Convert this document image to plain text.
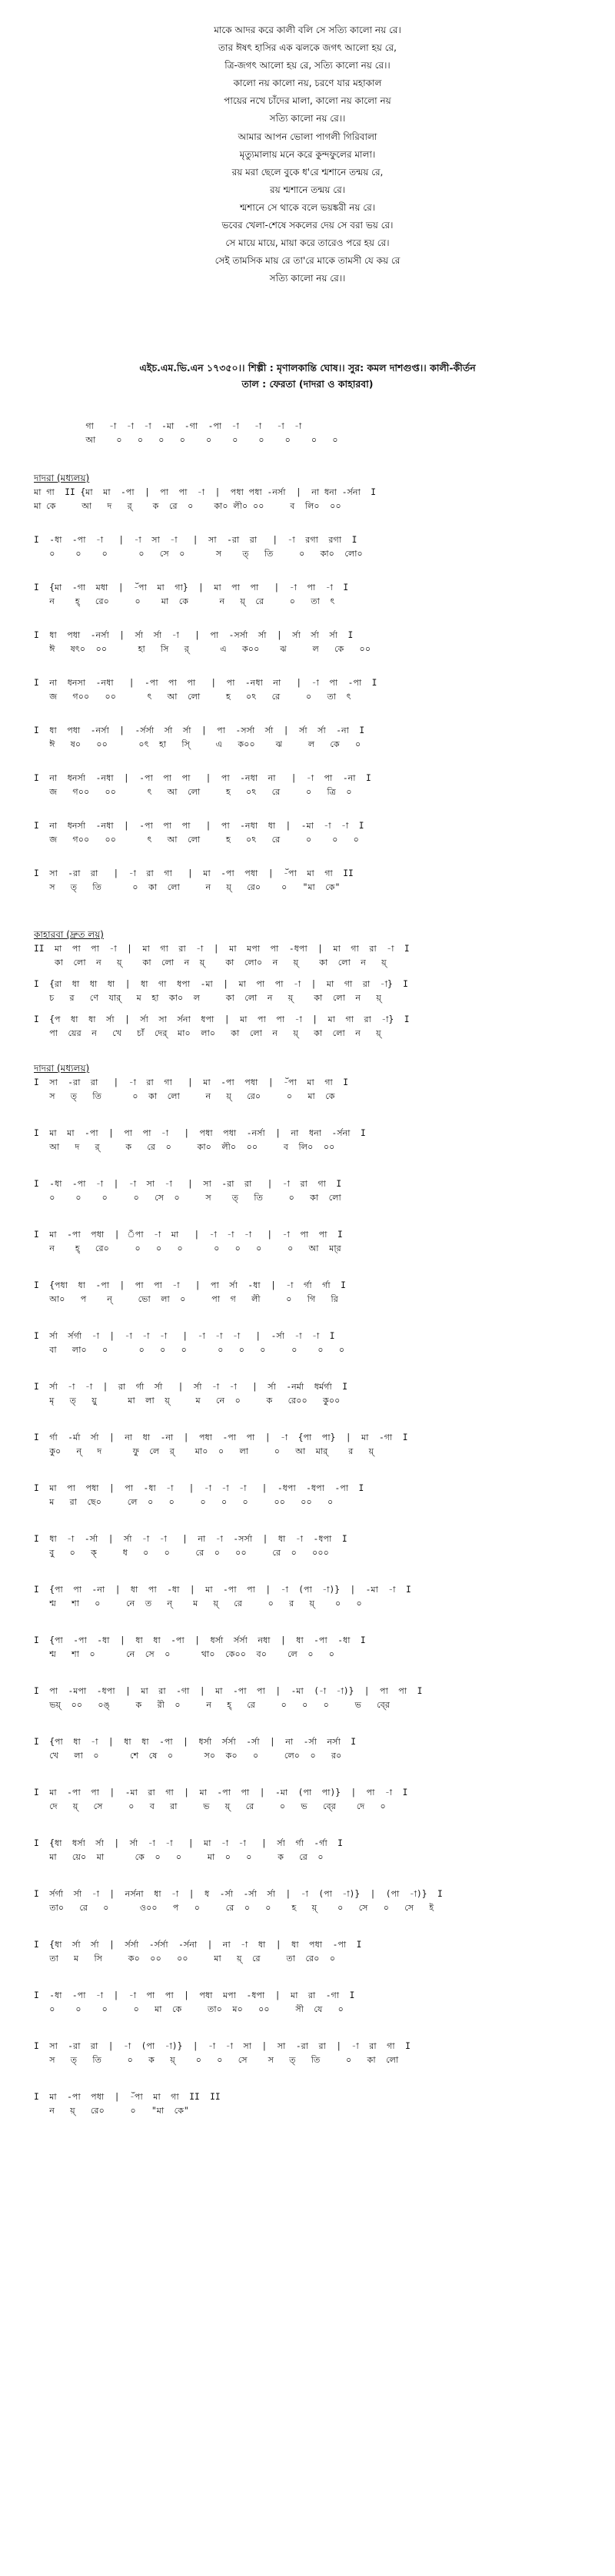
মাকে আদর করে কালী বলি সে সত্যি কালো নয় রে।
তার ঈষৎ হাসির এক ঝলকে জগৎ আলো হয় রে,
ত্রি-জগৎ আলো হয় রে, সত্যি কালো নয় রে।।
কালো নয় কালো নয়, চরণে যার মহাকাল
পায়ের নখে চাঁদের মালা, কালো নয় কালো নয়
সত্যি কালো নয় রে।।
আমার আপন ভোলা পাগলী গিরিবালা
মৃত্যুমালায় মনে করে কুন্দফুলের মালা।
রয় মরা ছেলে বুকে ধ'রে শ্মশানে তন্ময় রে,
রয় শ্মশানে তন্ময় রে।
শ্মশানে সে থাকে বলে ভয়ঙ্করী নয় রে।
ভবের খেলা-শেষে সকলের দেয় সে বরা ভয় রে।
সে মায়ে মায়ে, মায়া করে তারেও পরে হয় রে।
সেই তামসিক মায় রে তা'রে মাকে তামসী যে কয় রে
সত্যি কালো নয় রে।।
এইচ.এম.ভি.এন ১৭৩৫০।। শিল্পী : মৃণালকান্তি ঘোষ।। সুর: কমল দাশগুপ্ত।। কালী-কীর্তন
তাল : ফেরতা (দাদরা ও কাহারবা)
গা   -া  -া  -া  -মা  -গা  -পা  -া   -া   -া  -া
আ    ০   ০   ০   ০    ০    ০    ০    ০    ০   ০
দাদরা (মধ্যলয়)
মা গা  II {মা  মা  -পা  |  পা  পা  -া  |  পধা পধা -নর্সা  |  না ধনা -র্সনা  I
মা কে     আ   দ   র্    ক  রে  ০    কা০ লী০ ০০     ব  লি০  ০০
I  -ধা  -পা  -া   |  -া  সা  -া   |  সা  -রা  রা   |  -া  রগা  রগা  I
০    ০    ০      ০   সে  ০      স    ত্‌   তি     ০   কা০  লো০
I  {মা  -গা  মধা  |  -ঁপা  মা  গা}  |  মা  পা  পা   |  -া  পা  -া  I
ন    হ্‌   রে০     ০    মা  কে      ন   য়্‌  রে     ০   তা  ৎ
I  ধা  পধা  -নর্সা  |  র্সা  র্সা  -া   |  পা  -সর্সা  র্সা  |  র্সা  র্সা  র্সা  I
ঈ   ষৎ০  ০০      হা   সি   র্      এ   ক০০    ঝ     ল   কে   ০০
I  না  ধনসা  -নধা   |  -পা  পা  পা   |  পা  -নধা  না   |  -া  পা  -পা  I
জ   গ০০   ০০      ৎ   আ  লো     হ   ০ঽ   রে     ০   তা  ৎ
I  ধা  পধা  -নর্সা  |  -র্সর্সা  র্সা  র্সা  |  পা  -সর্সা  র্সা  |  র্সা  র্সা  -না  I
ঈ   ষ০   ০০      ০ৎ  হা   সি্     এ   ক০০    ঝ     ল   কে   ০
I  না  ধনর্সা  -নধা  |  -পা  পা  পা   |  পা  -নধা  না   |  -া  পা  -না  I
জ   গ০০   ০০      ৎ   আ  লো     হ   ০ঽ   রে     ০   ত্রি  ০
I  না  ধনর্সা  -নধা  |  -পা  পা  পা   |  পা  -নধা  ধা  |  -মা  -া  -া  I
জ   গ০০   ০০      ৎ   আ  লো     হ   ০ঽ   রে     ০    ০   ০
I  সা  -রা  রা   |  -া  রা  গা   |  মা  -পা  পধা  |  -ঁপা  মা  গা  II
স   ত্‌   তি      ০  কা  লো     ন   য়্‌   রে০    ০   "মা  কে"
কাহারবা (দ্রুত লয়)
II  মা  পা  পা  -া  |  মা  গা  রা  -া  |  মা  মপা  পা  -ধপা  |  মা  গা  রা  -া  I
কা  লো  ন   য়্‌    কা  লো  ন  য়্‌    কা  লো০  ন   য়্‌    কা  লো  ন   য়্‌
I  {রা  ধা  ধা  ধা  |  ধা  গা  ধপা  -মা  |  মা  পা  পা  -া  |  মা  গা  রা  -া}  I
চ   র   ণে  যার্   ম  হা  কা০  ল     কা  লো  ন   য়্‌    কা  লো  ন   য়্‌
I  {প  ধা  ধা  র্সা  |  র্সা  সা  র্সনা  ধপা  |  মা  পা  পা  -া  |  মা  গা  রা  -া}  I
পা  য়ের  ন   খে   চাঁ  দের্  মা০  লা০   কা  লো  ন   য়্‌   কা  লো  ন   য়্‌
দাদরা (মধ্যলয়)
I  সা  -রা  রা   |  -া  রা  গা   |  মা  -পা  পধা  |  -ঁপা  মা  গা  I
স   ত্‌   তি      ০  কা  লো     ন   য়্‌   রে০     ০   মা  কে
I  মা  মা  -পা  |  পা  পা  -া   |  পধা  পধা  -নর্সা  |  না  ধনা  -র্সনা  I
আ   দ   র্     ক   রে  ০     কা০  লী০  ০০     ব  লি০  ০০
I  -ধা  -পা  -া  |  -া  সা  -া   |  সা  -রা  রা   |  -া  রা  গা  I
০    ০    ০     ০   সে  ০     স    ত্‌   তি     ০   কা  লো
I  মা  -পা  পধা  |  ঁপা  -া  মা   |  -া  -া  -া   |  -া  পা  পা  I
ন    হ্‌   রে০     ০   ০   ০      ০   ০   ০     ০   আ  মা্র
I  {পধা  ধা  -পা  |  পা  পা  -া   |  পা  র্সা  -ধা  |  -া  র্গা  র্গা  I
আ০   প    ন্     ভো  লা  ০     পা  গ   লী     ০   গি   রি
I  র্সা  র্সর্গা  -া  |  -া  -া  -া   |  -া  -া  -া   |  -র্সা  -া  -া  I
বা   লা০   ০      ০   ০   ০      ০   ০   ০     ০    ০   ০
I  র্সা  -া  -া  |  রা  র্গা  র্সা   |  র্সা  -া  -া   |  র্সা  -নর্মা  ধর্মর্গা  I
মৃ   ত্‌   য়ু      মা  লা  য়্‌     ম   নে  ০     ক   রে০০   কু০০
I  র্গা  -র্মা  র্সা  |  না  ধা  -না  |  পধা  -পা  পা  |  -া  {পা  পা}  |  মা  -গা  I
কু০   ন্‌   দ      ফু  লে  র্    মা০  ০   লা     ০   আ  মার্    র   য়্‌
I  মা  পা  পধা  |  পা  -ধা  -া   |  -া  -া  -া   |  -ধপা  -ধপা  -পা  I
ম   রা  ছে০     লে  ০   ০     ০   ০   ০     ০০   ০০   ০
I  ধা  -া  -র্সা  |  র্সা  -া  -া   |  না  -া  -সর্সা  |  ধা  -া  -ধপা  I
বু   ০   ক্‌     ধ   ০   ০     রে  ০   ০০     রে  ০   ০০০
I  {পা  পা  -না  |  ধা  পা  -ধা  |  মা  -পা  পা  |  -া  (পা  -া)}  |  -মা  -া  I
শ্ম   শা   ০     নে  ত   ন্‌    ম   য়্‌   রে     ০   র   য়্‌    ০   ০
I  {পা  -পা  -ধা  |  ধা  ধা  -পা  |  ধর্সা  র্সর্সা  নধা  |  ধা  -পা  -ধা  I
শ্ম   শা  ০      নে  সে  ০      থা০  কে০০  ব০    লে  ০   ০
I  পা  -মপা  -ধপা  |  মা  রা  -গা  |  মা  -পা  পা  |  -মা  (-া  -া)}  |  পা  পা  I
ভয়্‌  ০০   ০ঙ্‌     ক   রী  ০     ন   হ্‌   রে     ০   ০   ০     ভ   বে্র
I  {পা  ধা  -া  |  ধা  ধা  -পা  |  ধর্সা  র্সর্সা  -র্সা  |  না  -র্সা  নর্সা  I
খে   লা  ০      শে  ষে  ০      স০  ক০   ০     লে০  ০   র০
I  মা  -পা  পা  |  -মা  রা  গা  |  মা  -পা  পা  |  -মা  (পা  পা)}  |  পা  -া  I
দে   য়্‌   সে     ০   ব   রা     ভ   য়্‌   রে     ০   ভ   বে্র    দে   ০
I  {ধা  ধর্সা  র্সা  |  র্সা  -া  -া   |  মা  -া  -া   |  র্সা  র্গা  -র্গা  I
মা   য়ে০  মা      কে  ০   ০     মা  ০   ০     ক   রে  ০
I  র্সর্গা  র্সা  -া  |  নর্সনা  ধা  -া  |  ধ  -র্সা  -র্সা  র্সা  |  -া  (পা  -া)}  |  (পা  -া)}  I
তা০   রে   ০      ও০০   প   ০     রে  ০   ০    হ   য়্‌    ০   সে   ০   সে   ই
I  {ধা  র্সা  র্সা  |  র্সর্সা  -র্সর্সা  -র্সনা  |  না  -া  ধা  |  ধা  পধা  -পা  I
তা   ম   সি     ক০  ০০   ০০     মা   য়্‌  রে     তা  রে০  ০
I  -ধা  -পা  -া  |  -া  পা  পা  |  পধা  মপা  -ধপা  |  মা  রা  -গা  I
০    ০    ০     ০   মা  কে     তা০  ম০   ০০     সী  যে   ০
I  সা  -রা  রা  |  -া  (পা  -া)}  |  -া  -া  সা  |  সা  -রা  রা  |  -া  রা  গা  I
স   ত্‌   তি     ০   ক   য়্‌    ০   ০   সে    স   ত্‌   তি     ০   কা  লো
I  মা  -পা  পধা  |  -ঁপা  মা  গা  II  II
ন   য়্‌   রে০     ০   "মা  কে"
